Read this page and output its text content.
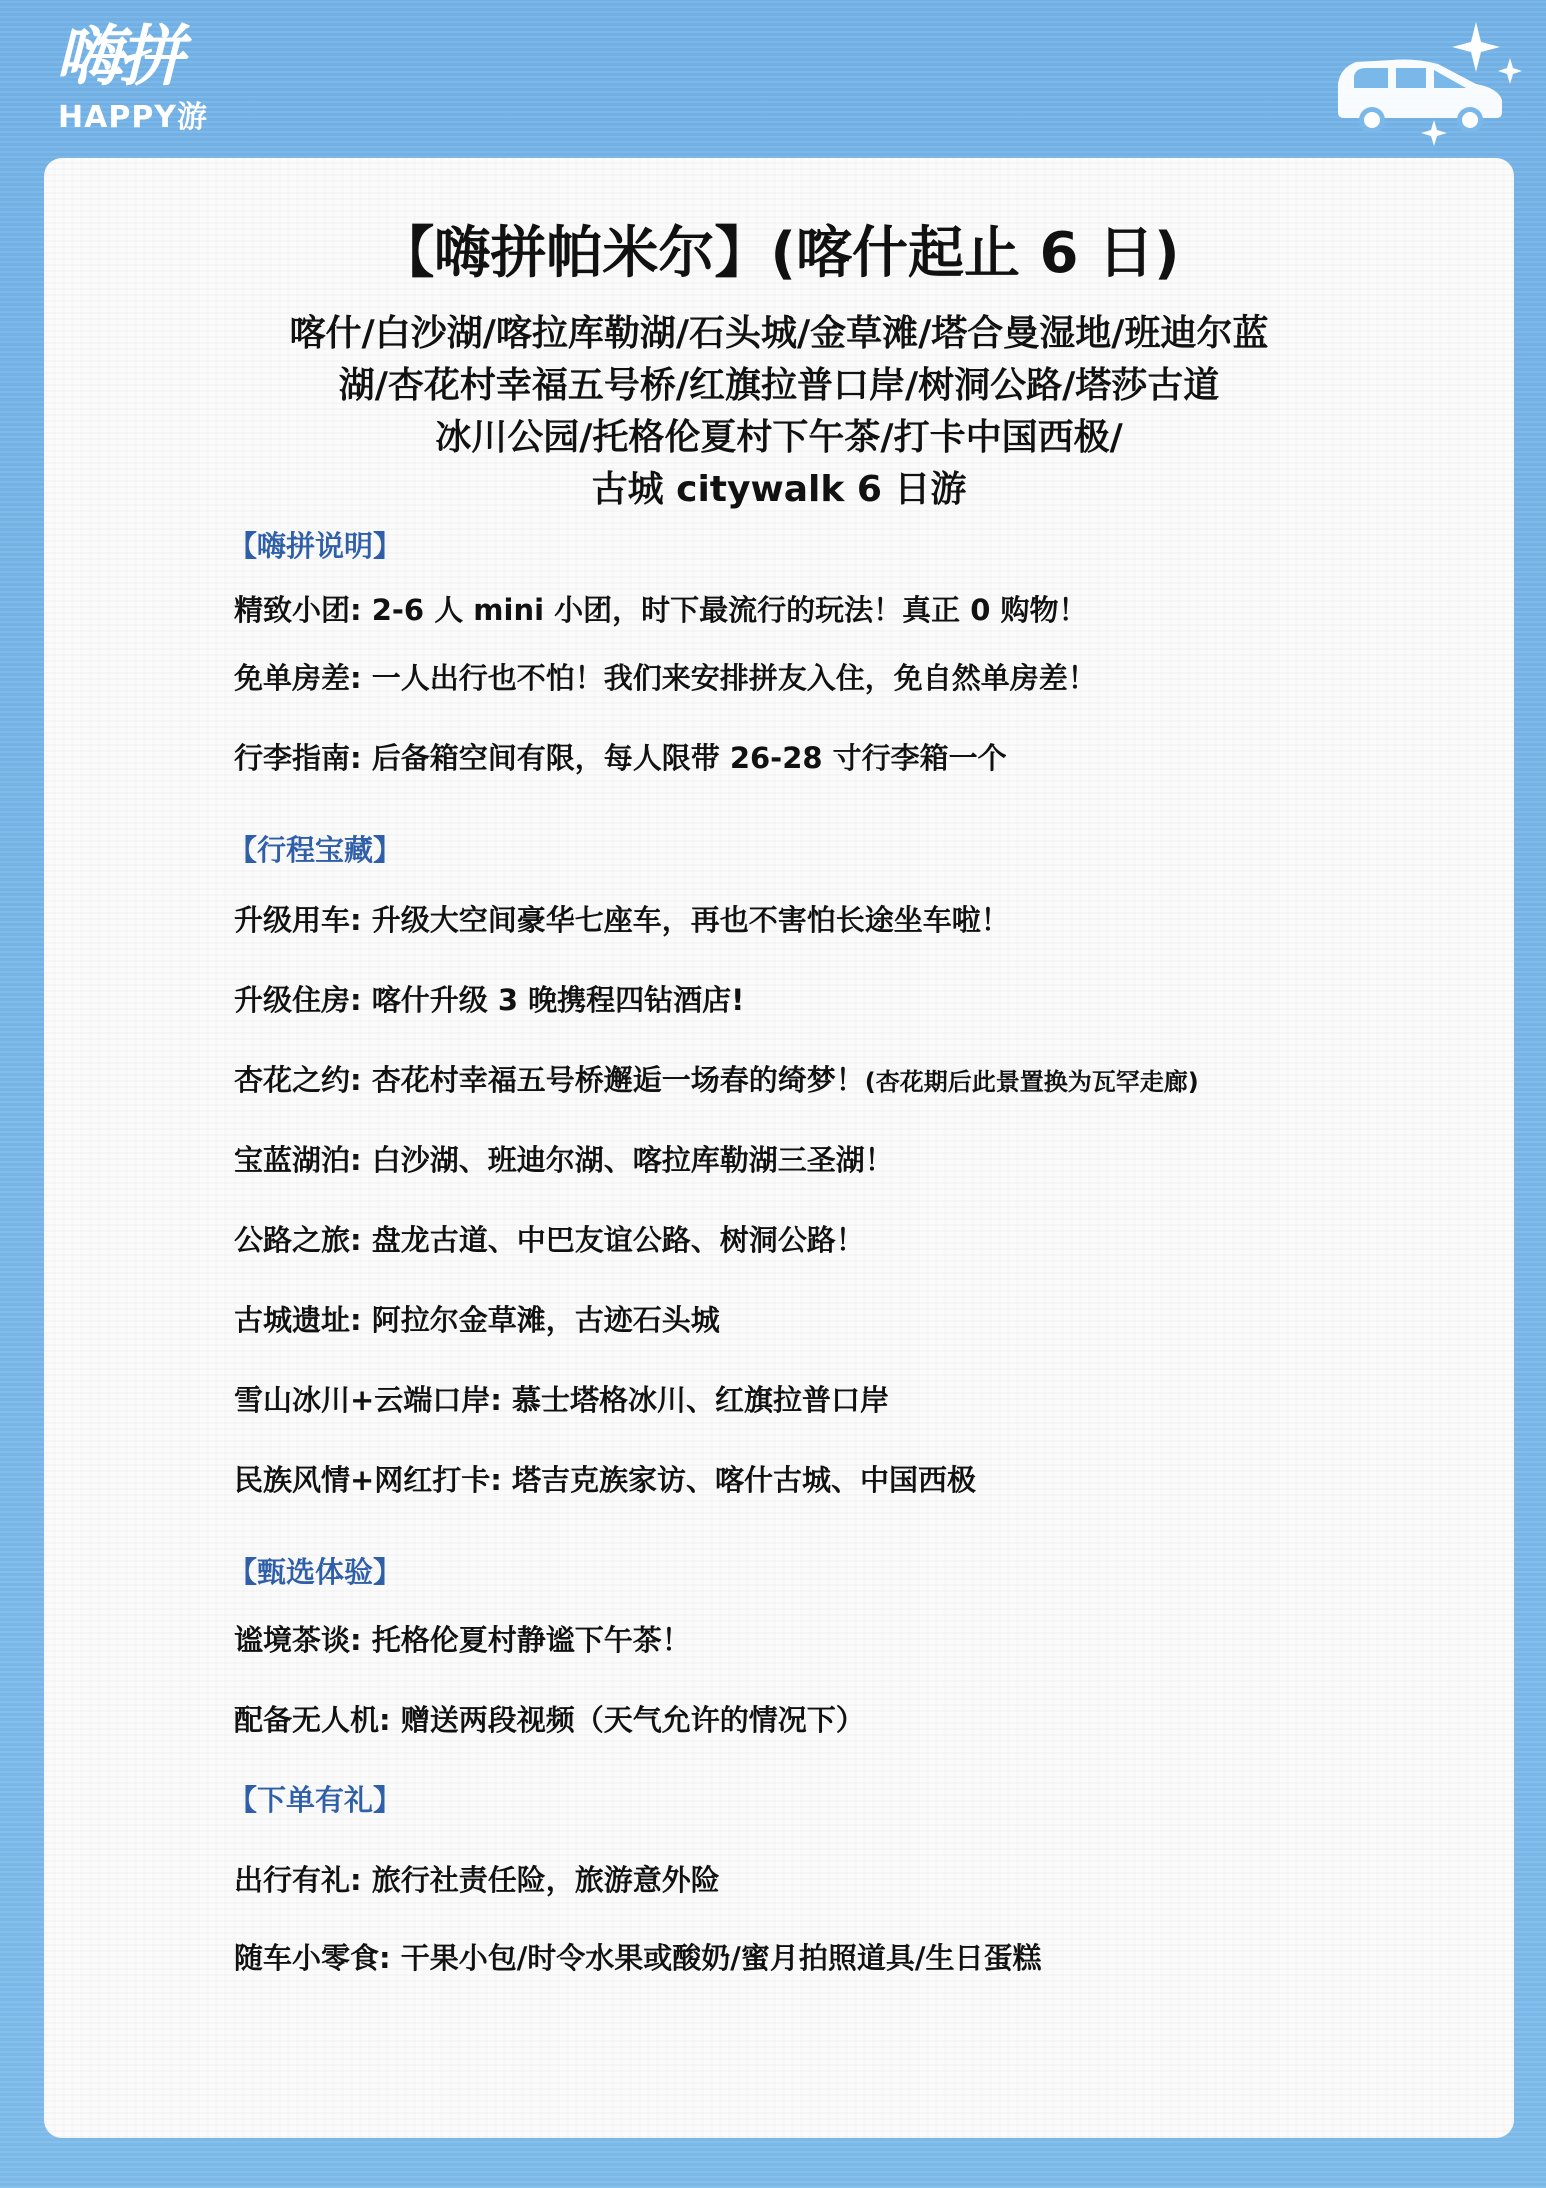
嗨拼
HAPPY游
【嗨拼帕米尔】(喀什起止 6 日)
喀什/白沙湖/喀拉库勒湖/石头城/金草滩/塔合曼湿地/班迪尔蓝
湖/杏花村幸福五号桥/红旗拉普口岸/树洞公路/塔莎古道
冰川公园/托格伦夏村下午茶/打卡中国西极/
古城 citywalk 6 日游
【嗨拼说明】
精致小团: 2-6 人 mini 小团，时下最流行的玩法！真正 0 购物！
免单房差: 一人出行也不怕！我们来安排拼友入住，免自然单房差！
行李指南: 后备箱空间有限，每人限带 26-28 寸行李箱一个
【行程宝藏】
升级用车: 升级大空间豪华七座车，再也不害怕长途坐车啦！
升级住房: 喀什升级 3 晚携程四钻酒店!
杏花之约: 杏花村幸福五号桥邂逅一场春的绮梦！(杏花期后此景置换为瓦罕走廊)
宝蓝湖泊: 白沙湖、班迪尔湖、喀拉库勒湖三圣湖！
公路之旅: 盘龙古道、中巴友谊公路、树洞公路！
古城遗址: 阿拉尔金草滩，古迹石头城
雪山冰川+云端口岸: 慕士塔格冰川、红旗拉普口岸
民族风情+网红打卡: 塔吉克族家访、喀什古城、中国西极
【甄选体验】
谧境茶谈: 托格伦夏村静谧下午茶！
配备无人机: 赠送两段视频（天气允许的情况下）
【下单有礼】
出行有礼: 旅行社责任险，旅游意外险
随车小零食: 干果小包/时令水果或酸奶/蜜月拍照道具/生日蛋糕
